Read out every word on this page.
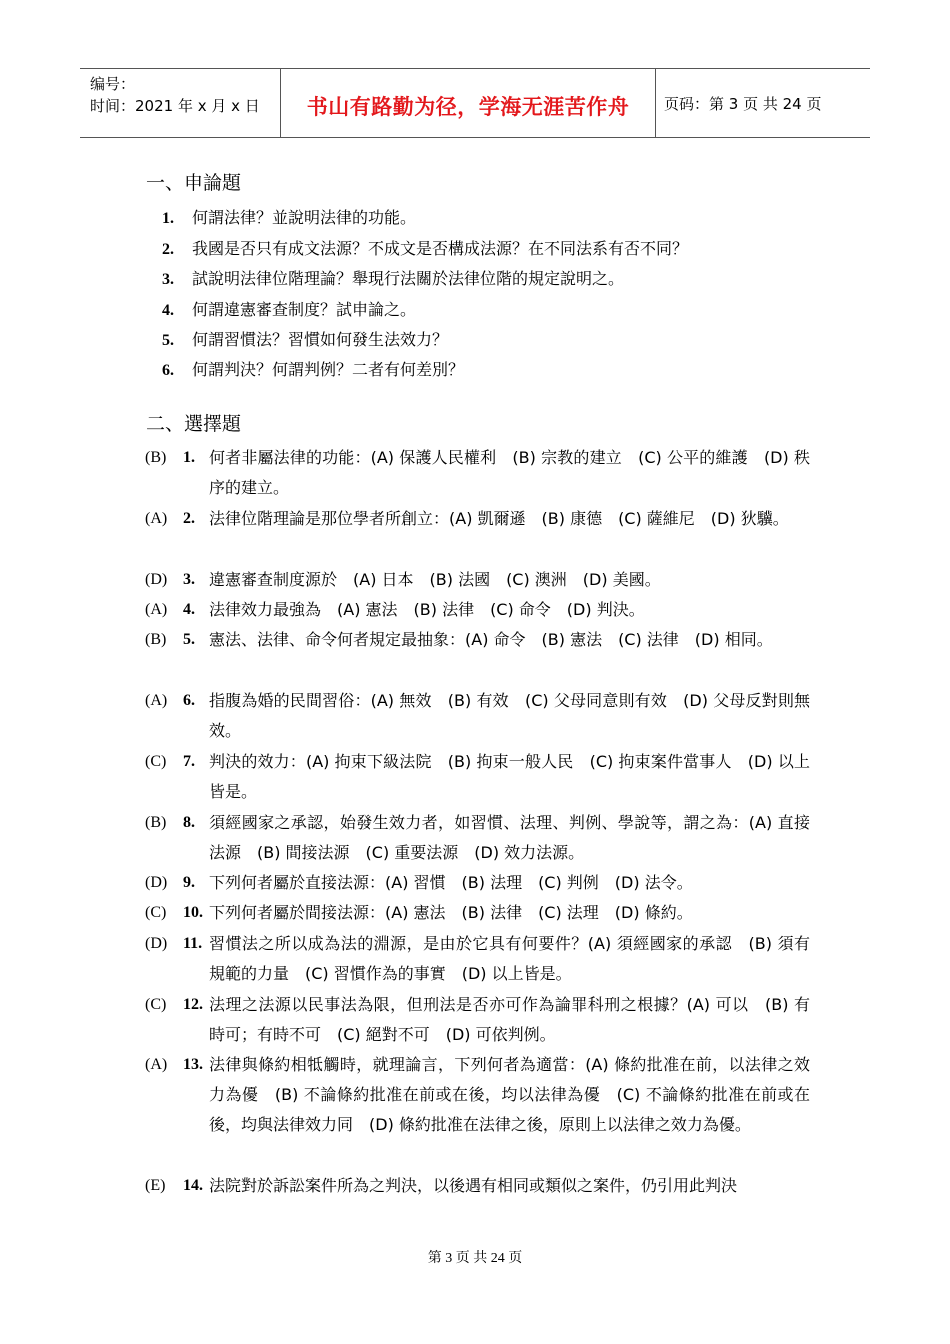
编号：
时间：2021 年 x 月 x 日	书山有路勤为径，学海无涯苦作舟	页码：第 3 页 共 24 页
一、申論題
1. 何謂法律？並說明法律的功能。
2. 我國是否只有成文法源？不成文是否構成法源？在不同法系有否不同？
3. 試說明法律位階理論？舉現行法關於法律位階的規定說明之。
4. 何謂違憲審查制度？試申論之。
5. 何謂習慣法？習慣如何發生法效力？
6. 何謂判決？何謂判例？二者有何差別？
二、選擇題
(B) 1. 何者非屬法律的功能：(A) 保護人民權利　(B) 宗教的建立　(C) 公平的維護　(D) 秩序的建立。
(A) 2. 法律位階理論是那位學者所創立：(A) 凱爾遜　(B) 康德　(C) 薩維尼　(D) 狄驥。
(D) 3. 違憲審查制度源於　(A) 日本　(B) 法國　(C) 澳洲　(D) 美國。
(A) 4. 法律效力最強為　(A) 憲法　(B) 法律　(C) 命令　(D) 判決。
(B) 5. 憲法、法律、命令何者規定最抽象：(A) 命令　(B) 憲法　(C) 法律　(D) 相同。
(A) 6. 指腹為婚的民間習俗：(A) 無效　(B) 有效　(C) 父母同意則有效　(D) 父母反對則無效。
(C) 7. 判決的效力：(A) 拘束下級法院　(B) 拘束一般人民　(C) 拘束案件當事人　(D) 以上皆是。
(B) 8. 須經國家之承認，始發生效力者，如習慣、法理、判例、學說等，謂之為：(A) 直接法源　(B) 間接法源　(C) 重要法源　(D) 效力法源。
(D) 9. 下列何者屬於直接法源：(A) 習慣　(B) 法理　(C) 判例　(D) 法令。
(C) 10. 下列何者屬於間接法源：(A) 憲法　(B) 法律　(C) 法理　(D) 條約。
(D) 11. 習慣法之所以成為法的淵源，是由於它具有何要件？(A) 須經國家的承認　(B) 須有規範的力量　(C) 習慣作為的事實　(D) 以上皆是。
(C) 12. 法理之法源以民事法為限，但刑法是否亦可作為論罪科刑之根據？(A) 可以　(B) 有時可；有時不可　(C) 絕對不可　(D) 可依判例。
(A) 13. 法律與條約相牴觸時，就理論言，下列何者為適當：(A) 條約批准在前，以法律之效力為優　(B) 不論條約批准在前或在後，均以法律為優　(C) 不論條約批准在前或在後，均與法律效力同　(D) 條約批准在法律之後，原則上以法律之效力為優。
(E) 14. 法院對於訴訟案件所為之判決，以後遇有相同或類似之案件，仍引用此判決
第 3 页 共 24 页
